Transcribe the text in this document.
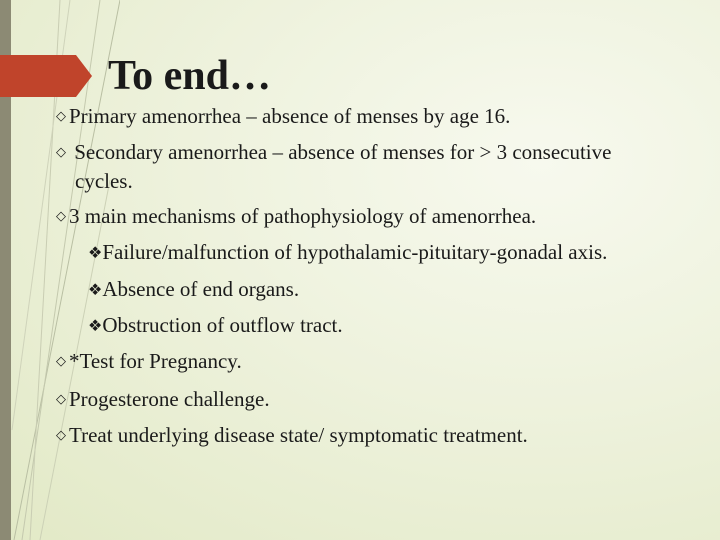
To end…
◇ Primary amenorrhea – absence of menses by age 16.
◇ Secondary amenorrhea – absence of menses for > 3 consecutive
cycles.
◇ 3 main mechanisms of pathophysiology of amenorrhea.
❖Failure/malfunction of hypothalamic-pituitary-gonadal axis.
❖Absence of end organs.
❖Obstruction of outflow tract.
◇ *Test for Pregnancy.
◇ Progesterone challenge.
◇ Treat underlying disease state/ symptomatic treatment.
